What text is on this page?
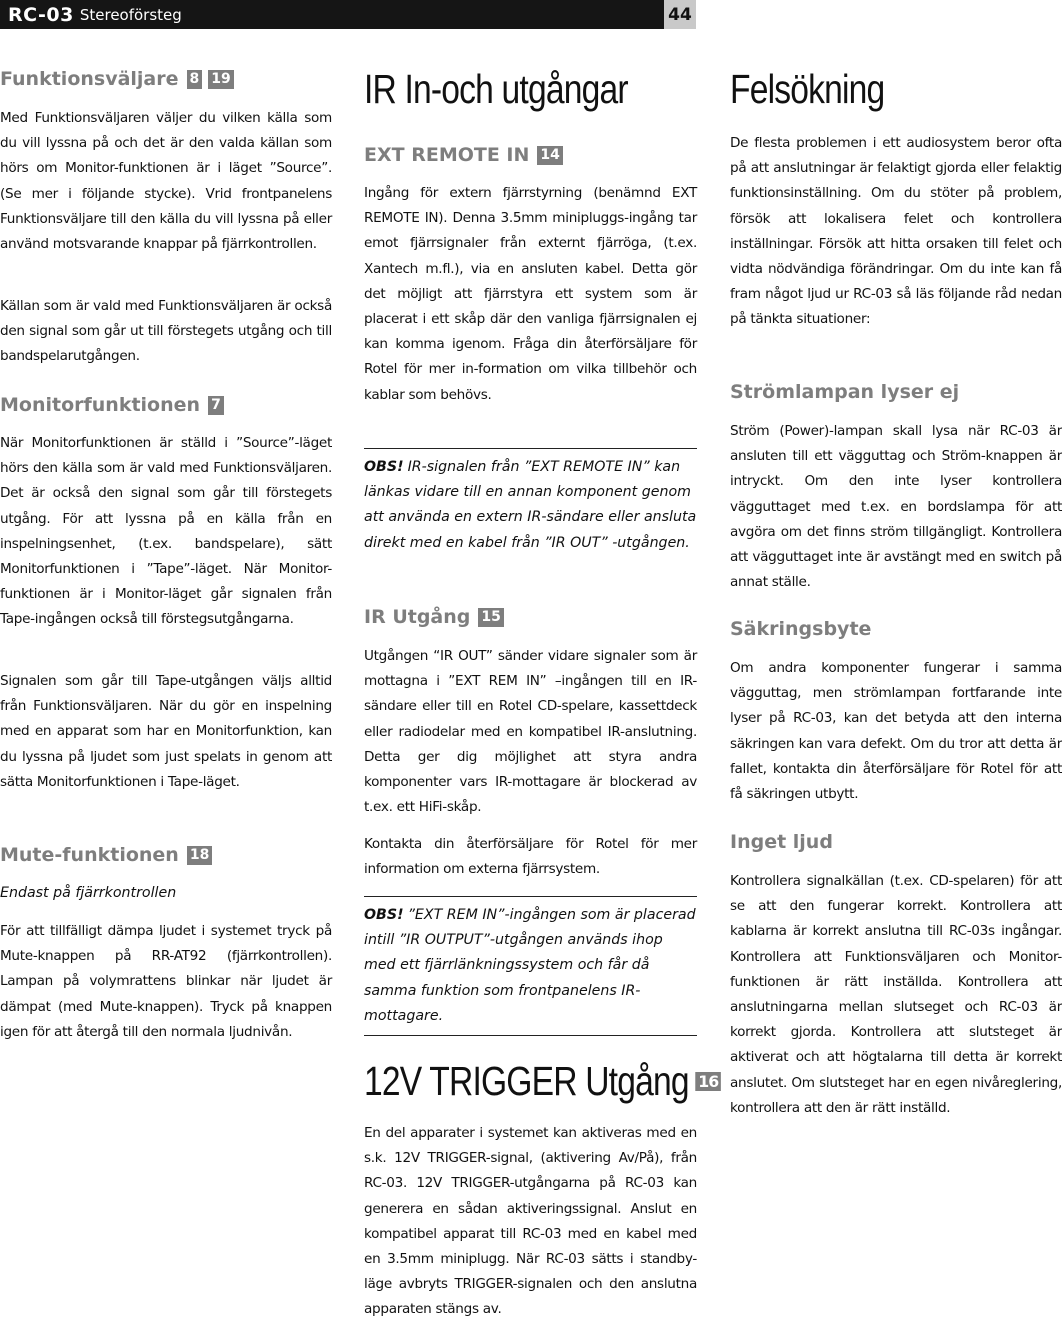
RC-03 Stereoförsteg	44
Funktionsväljare 8 19

Med Funktionsväljaren väljer du vilken källa som du vill lyssna på och det är den valda källan som hörs om Monitor-funktionen är i läget ”Source”. (Se mer i följande stycke). Vrid frontpanelens Funktionsväljare till den källa du vill lyssna på eller använd motsvarande knappar på fjärrkontrollen.

Källan som är vald med Funktionsväljaren är också den signal som går ut till förstegets utgång och till bandspelarutgången.

Monitorfunktionen 7

När Monitorfunktionen är ställd i ”Source”-läget hörs den källa som är vald med Funktionsväljaren. Det är också den signal som går till förstegets utgång. För att lyssna på en källa från en inspelningsenhet, (t.ex. bandspelare), sätt Monitorfunktionen i ”Tape”-läget. När Monitor-funktionen är i Monitor-läget går signalen från Tape-ingången också till förstegsutgångarna.

Signalen som går till Tape-utgången väljs alltid från Funktionsväljaren. När du gör en inspelning med en apparat som har en Monitorfunktion, kan du lyssna på ljudet som just spelats in genom att sätta Monitorfunktionen i Tape-läget.

Mute-funktionen 18

Endast på fjärrkontrollen

För att tillfälligt dämpa ljudet i systemet tryck på Mute-knappen på RR-AT92 (fjärrkontrollen). Lampan på volymrattens blinkar när ljudet är dämpat (med Mute-knappen). Tryck på knappen igen för att återgå till den normala ljudnivån.

IR In-och utgångar
EXT REMOTE IN 14

Ingång för extern fjärrstyrning (benämnd EXT REMOTE IN). Denna 3.5mm minipluggs-ingång tar emot fjärrsignaler från externt fjärröga, (t.ex. Xantech m.fl.), via en ansluten kabel. Detta gör det möjligt att fjärrstyra ett system som är placerat i ett skåp där den vanliga fjärrsignalen ej kan komma igenom. Fråga din återförsäljare för Rotel för mer in-formation om vilka tillbehör och kablar som behövs.

OBS! IR-signalen från ”EXT REMOTE IN” kan länkas vidare till en annan komponent genom att använda en extern IR-sändare eller ansluta direkt med en kabel från ”IR OUT” -utgången.

IR Utgång 15

Utgången “IR OUT” sänder vidare signaler som är mottagna i ”EXT REM IN” –ingången till en IR-sändare eller till en Rotel CD-spelare, kassettdeck eller radiodelar med en kompatibel IR-anslutning. Detta ger dig möjlighet att styra andra komponenter vars IR-mottagare är blockerad av t.ex. ett HiFi-skåp.

Kontakta din återförsäljare för Rotel för mer information om externa fjärrsystem.

OBS! ”EXT REM IN”-ingången som är placerad intill ”IR OUTPUT”-utgången används ihop med ett fjärrlänkningssystem och får då samma funktion som frontpanelens IR-mottagare.

12V TRIGGER Utgång 16

En del apparater i systemet kan aktiveras med en s.k. 12V TRIGGER-signal, (aktivering Av/På), från RC-03. 12V TRIGGER-utgångarna på RC-03 kan generera en sådan aktiveringssignal. Anslut en kompatibel apparat till RC-03 med en kabel med en 3.5mm miniplugg. När RC-03 sätts i standby-läge avbryts TRIGGER-signalen och den anslutna apparaten stängs av.

Felsökning

De flesta problemen i ett audiosystem beror ofta på att anslutningar är felaktigt gjorda eller felaktig funktionsinställning. Om du stöter på problem, försök att lokalisera felet och kontrollera inställningar. Försök att hitta orsaken till felet och vidta nödvändiga förändringar. Om du inte kan få fram något ljud ur RC-03 så läs följande råd nedan på tänkta situationer:

Strömlampan lyser ej

Ström (Power)-lampan skall lysa när RC-03 är ansluten till ett vägguttag och Ström-knappen är intryckt. Om den inte lyser kontrollera vägguttaget med t.ex. en bordslampa för att avgöra om det finns ström tillgängligt. Kontrollera att vägguttaget inte är avstängt med en switch på annat ställe.

Säkringsbyte

Om andra komponenter fungerar i samma vägguttag, men strömlampan fortfarande inte lyser på RC-03, kan det betyda att den interna säkringen kan vara defekt. Om du tror att detta är fallet, kontakta din återförsäljare för Rotel för att få säkringen utbytt.

Inget ljud

Kontrollera signalkällan (t.ex. CD-spelaren) för att se att den fungerar korrekt. Kontrollera att kablarna är korrekt anslutna till RC-03s ingångar. Kontrollera att Funktionsväljaren och Monitor-funktionen är rätt inställda. Kontrollera att anslutningarna mellan slutseget och RC-03 är korrekt gjorda. Kontrollera att slutsteget är aktiverat och att högtalarna till detta är korrekt anslutet. Om slutsteget har en egen nivåreglering, kontrollera att den är rätt inställd.
